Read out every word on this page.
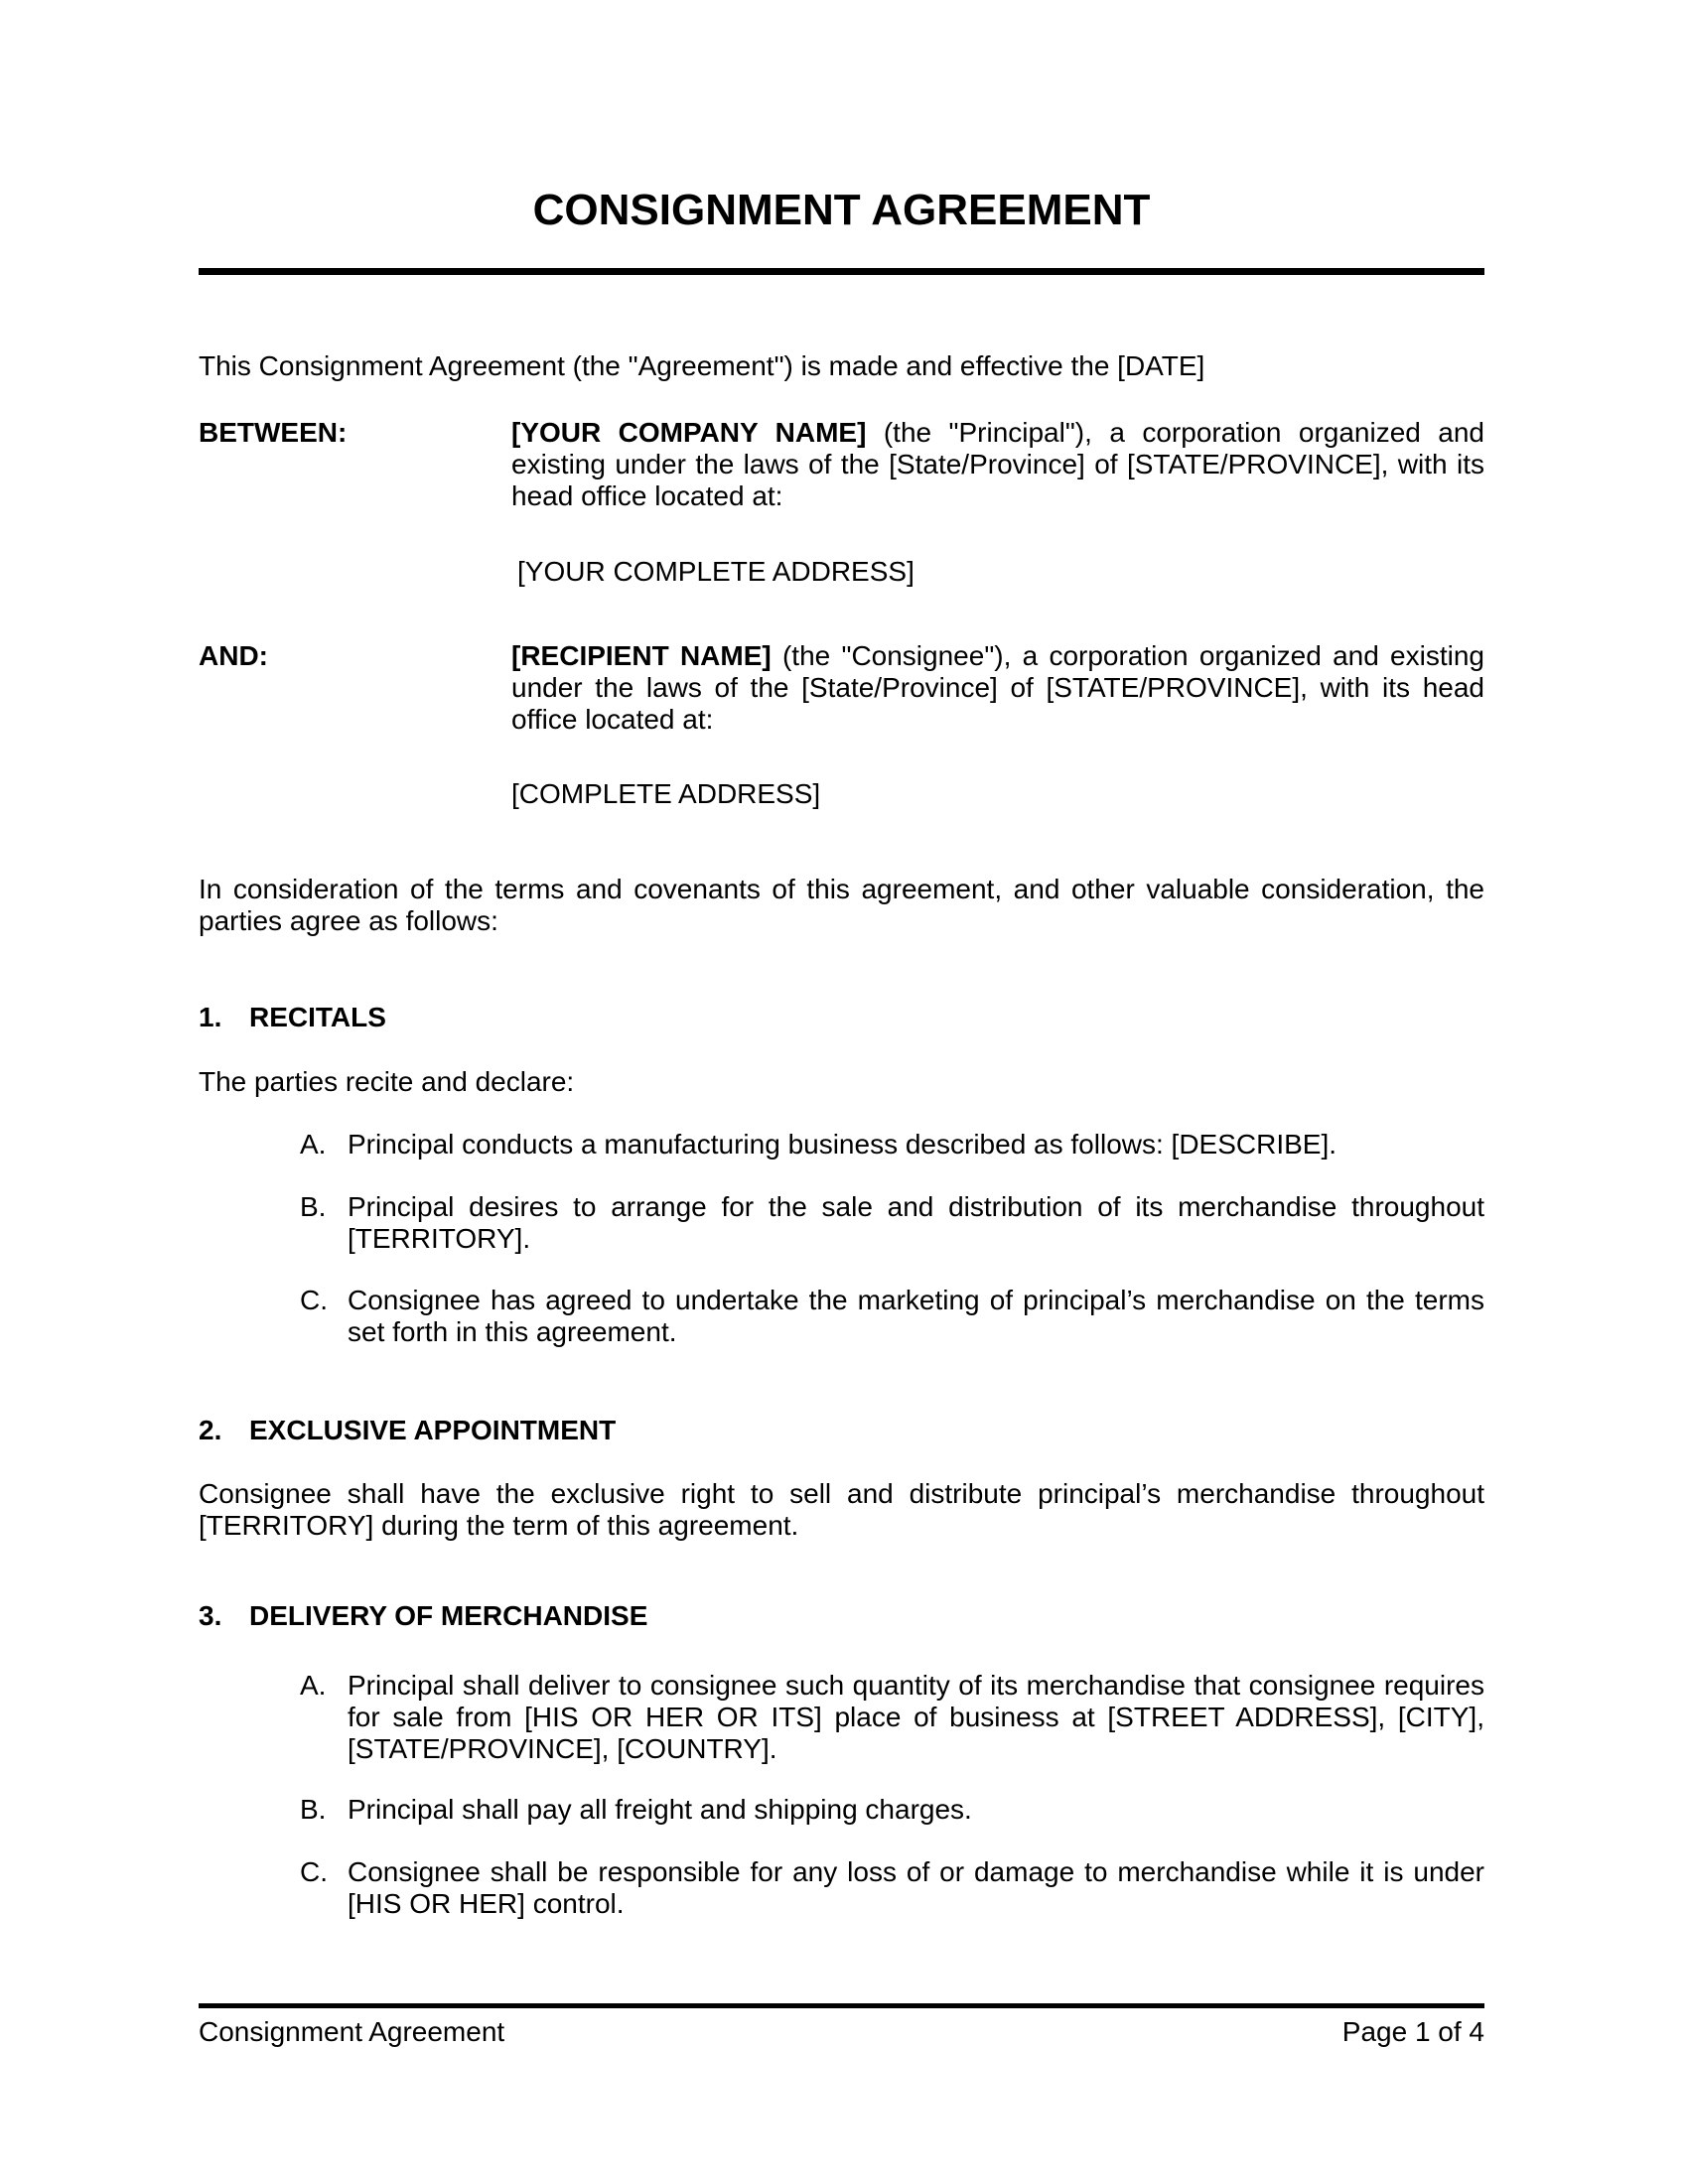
CONSIGNMENT AGREEMENT
This Consignment Agreement (the "Agreement") is made and effective the [DATE]
BETWEEN:	[YOUR COMPANY NAME] (the "Principal"), a corporation organized and
existing under the laws of the [State/Province] of [STATE/PROVINCE], with its
head office located at:
[YOUR COMPLETE ADDRESS]
AND:	[RECIPIENT NAME] (the "Consignee"), a corporation organized and existing
under the laws of the [State/Province] of [STATE/PROVINCE], with its head
office located at:
[COMPLETE ADDRESS]
In consideration of the terms and covenants of this agreement, and other valuable consideration, the
parties agree as follows:
1. RECITALS
The parties recite and declare:
A. Principal conducts a manufacturing business described as follows: [DESCRIBE].
B. Principal desires to arrange for the sale and distribution of its merchandise throughout
[TERRITORY].
C. Consignee has agreed to undertake the marketing of principal’s merchandise on the terms
set forth in this agreement.
2. EXCLUSIVE APPOINTMENT
Consignee shall have the exclusive right to sell and distribute principal’s merchandise throughout
[TERRITORY] during the term of this agreement.
3. DELIVERY OF MERCHANDISE
A. Principal shall deliver to consignee such quantity of its merchandise that consignee requires
for sale from [HIS OR HER OR ITS] place of business at [STREET ADDRESS], [CITY],
[STATE/PROVINCE], [COUNTRY].
B. Principal shall pay all freight and shipping charges.
C. Consignee shall be responsible for any loss of or damage to merchandise while it is under
[HIS OR HER] control.
Consignment Agreement	Page 1 of 4
